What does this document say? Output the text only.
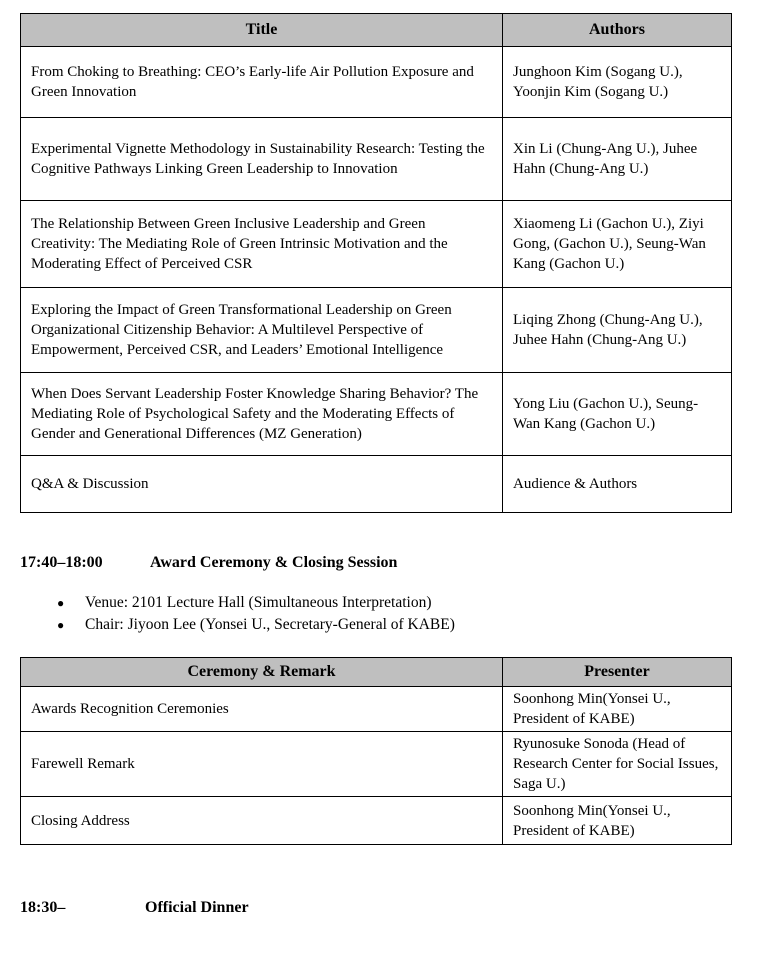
Title	Authors
From Choking to Breathing: CEO’s Early-life Air Pollution Exposure and Green Innovation	Junghoon Kim (Sogang U.), Yoonjin Kim (Sogang U.)
Experimental Vignette Methodology in Sustainability Research: Testing the Cognitive Pathways Linking Green Leadership to Innovation	Xin Li (Chung-Ang U.), Juhee Hahn (Chung-Ang U.)
The Relationship Between Green Inclusive Leadership and Green Creativity: The Mediating Role of Green Intrinsic Motivation and the Moderating Effect of Perceived CSR	Xiaomeng Li (Gachon U.), Ziyi Gong, (Gachon U.), Seung-Wan Kang (Gachon U.)
Exploring the Impact of Green Transformational Leadership on Green Organizational Citizenship Behavior: A Multilevel Perspective of Empowerment, Perceived CSR, and Leaders’ Emotional Intelligence	Liqing Zhong (Chung-Ang U.), Juhee Hahn (Chung-Ang U.)
When Does Servant Leadership Foster Knowledge Sharing Behavior? The Mediating Role of Psychological Safety and the Moderating Effects of Gender and Generational Differences (MZ Generation)	Yong Liu (Gachon U.), Seung-Wan Kang (Gachon U.)
Q&A & Discussion	Audience & Authors
17:40–18:00	Award Ceremony & Closing Session
●	Venue: 2101 Lecture Hall (Simultaneous Interpretation)
●	Chair: Jiyoon Lee (Yonsei U., Secretary-General of KABE)
Ceremony & Remark	Presenter
Awards Recognition Ceremonies	Soonhong Min(Yonsei U., President of KABE)
Farewell Remark	Ryunosuke Sonoda (Head of Research Center for Social Issues, Saga U.)
Closing Address	Soonhong Min(Yonsei U., President of KABE)
18:30–	Official Dinner
